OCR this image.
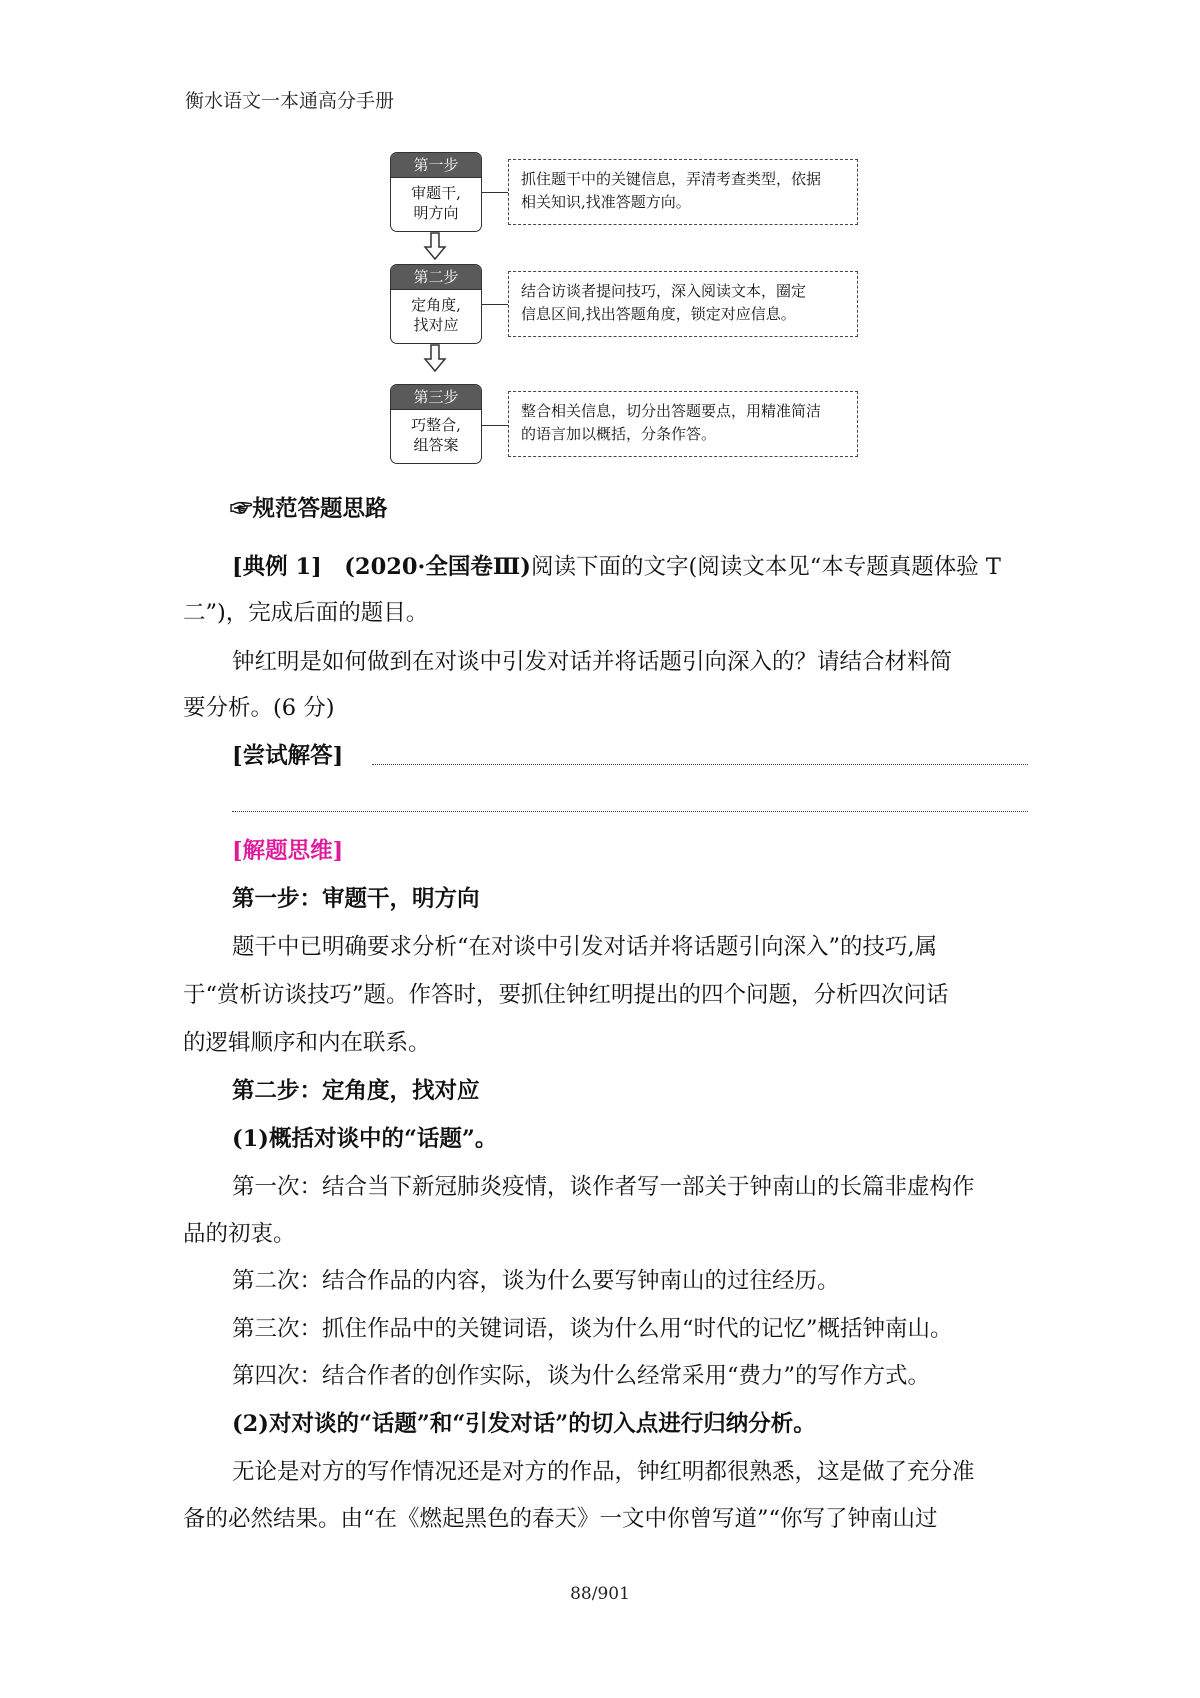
衡水语文一本通高分手册
第一步
审题干,
明方向
抓住题干中的关键信息，弄清考查类型，依据
相关知识,找准答题方向。
第二步
定角度,
找对应
结合访谈者提问技巧，深入阅读文本，圈定
信息区间,找出答题角度，锁定对应信息。
第三步
巧整合,
组答案
整合相关信息，切分出答题要点，用精准简洁
的语言加以概括，分条作答。
☞规范答题思路
[典例 1]　(2020·全国卷Ⅲ)阅读下面的文字(阅读文本见“本专题真题体验 T
二”)，完成后面的题目。
钟红明是如何做到在对谈中引发对话并将话题引向深入的？请结合材料简
要分析。(6 分)
[尝试解答]
[解题思维]
第一步：审题干，明方向
题干中已明确要求分析“在对谈中引发对话并将话题引向深入”的技巧,属
于“赏析访谈技巧”题。作答时，要抓住钟红明提出的四个问题，分析四次问话
的逻辑顺序和内在联系。
第二步：定角度，找对应
(1)概括对谈中的“话题”。
第一次：结合当下新冠肺炎疫情，谈作者写一部关于钟南山的长篇非虚构作
品的初衷。
第二次：结合作品的内容，谈为什么要写钟南山的过往经历。
第三次：抓住作品中的关键词语，谈为什么用“时代的记忆”概括钟南山。
第四次：结合作者的创作实际，谈为什么经常采用“费力”的写作方式。
(2)对对谈的“话题”和“引发对话”的切入点进行归纳分析。
无论是对方的写作情况还是对方的作品，钟红明都很熟悉，这是做了充分准
备的必然结果。由“在《燃起黑色的春天》一文中你曾写道”“你写了钟南山过
88/901
